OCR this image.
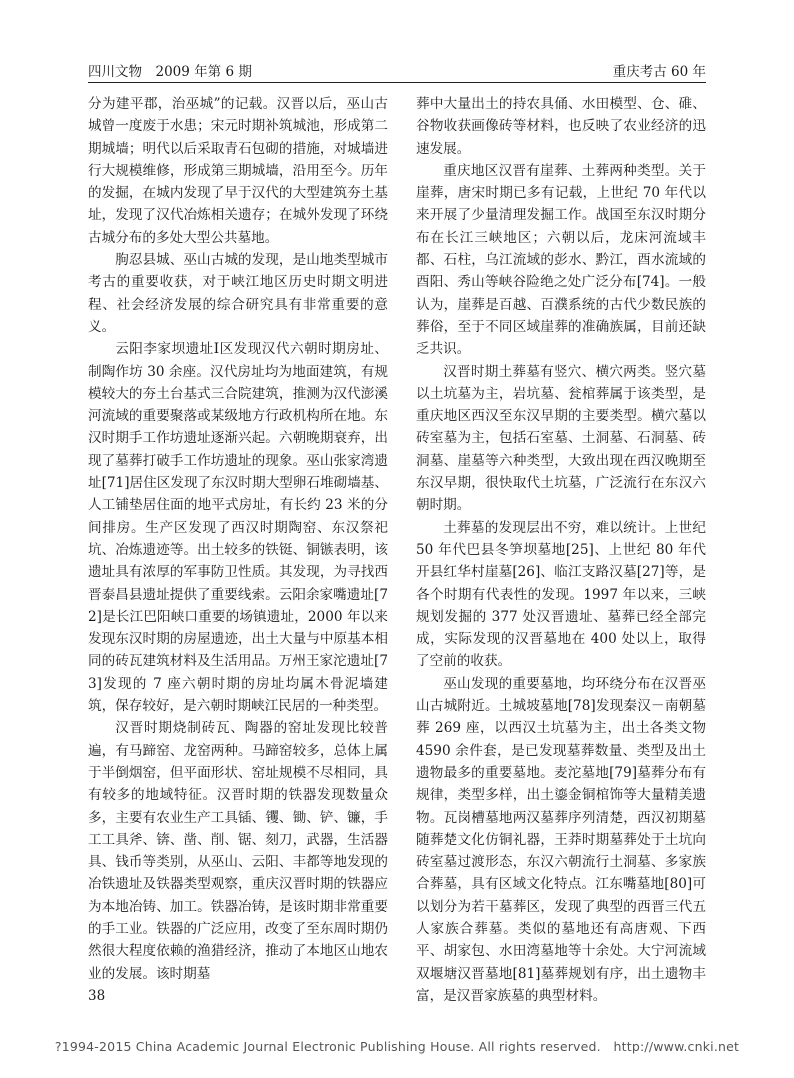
四川文物　2009 年第 6 期	重庆考古 60 年

分为建平郡，治巫城”的记载。汉晋以后，巫山古城曾一度废于水患；宋元时期补筑城池，形成第二期城墙；明代以后采取青石包砌的措施，对城墙进行大规模维修，形成第三期城墙，沿用至今。历年的发掘，在城内发现了早于汉代的大型建筑夯土基址，发现了汉代冶炼相关遗存；在城外发现了环绕古城分布的多处大型公共墓地。

朐忍县城、巫山古城的发现，是山地类型城市考古的重要收获，对于峡江地区历史时期文明进程、社会经济发展的综合研究具有非常重要的意义。

云阳李家坝遗址Ⅰ区发现汉代六朝时期房址、制陶作坊 30 余座。汉代房址均为地面建筑，有规模较大的夯土台基式三合院建筑，推测为汉代澎溪河流域的重要聚落或某级地方行政机构所在地。东汉时期手工作坊遗址逐渐兴起。六朝晚期衰弃，出现了墓葬打破手工作坊遗址的现象。巫山张家湾遗址[71]居住区发现了东汉时期大型卵石堆砌墙基、人工铺垫居住面的地平式房址，有长约 23 米的分间排房。生产区发现了西汉时期陶窑、东汉祭祀坑、冶炼遗迹等。出土较多的铁铤、铜镞表明，该遗址具有浓厚的军事防卫性质。其发现，为寻找西晋泰昌县遗址提供了重要线索。云阳余家嘴遗址[72]是长江巴阳峡口重要的场镇遗址，2000 年以来发现东汉时期的房屋遗迹，出土大量与中原基本相同的砖瓦建筑材料及生活用品。万州王家沱遗址[73]发现的 7 座六朝时期的房址均属木骨泥墙建筑，保存较好，是六朝时期峡江民居的一种类型。

汉晋时期烧制砖瓦、陶器的窑址发现比较普遍，有马蹄窑、龙窑两种。马蹄窑较多，总体上属于半倒烟窑，但平面形状、窑址规模不尽相同，具有较多的地域特征。汉晋时期的铁器发现数量众多，主要有农业生产工具锸、䦆、锄、铲、镰，手工工具斧、锛、凿、削、锯、刻刀，武器，生活器具、钱币等类别，从巫山、云阳、丰都等地发现的冶铁遗址及铁器类型观察，重庆汉晋时期的铁器应为本地冶铸、加工。铁器冶铸，是该时期非常重要的手工业。铁器的广泛应用，改变了至东周时期仍然很大程度依赖的渔猎经济，推动了本地区山地农业的发展。该时期墓

葬中大量出土的持农具俑、水田模型、仓、碓、谷物收获画像砖等材料，也反映了农业经济的迅速发展。

重庆地区汉晋有崖葬、土葬两种类型。关于崖葬，唐宋时期已多有记载，上世纪 70 年代以来开展了少量清理发掘工作。战国至东汉时期分布在长江三峡地区；六朝以后，龙床河流域丰都、石柱，乌江流域的彭水、黔江，酉水流域的酉阳、秀山等峡谷险绝之处广泛分布[74]。一般认为，崖葬是百越、百濮系统的古代少数民族的葬俗，至于不同区域崖葬的准确族属，目前还缺乏共识。

汉晋时期土葬墓有竖穴、横穴两类。竖穴墓以土坑墓为主，岩坑墓、瓮棺葬属于该类型，是重庆地区西汉至东汉早期的主要类型。横穴墓以砖室墓为主，包括石室墓、土洞墓、石洞墓、砖洞墓、崖墓等六种类型，大致出现在西汉晚期至东汉早期，很快取代土坑墓，广泛流行在东汉六朝时期。

土葬墓的发现层出不穷，难以统计。上世纪 50 年代巴县冬笋坝墓地[25]、上世纪 80 年代开县红华村崖墓[26]、临江支路汉墓[27]等，是各个时期有代表性的发现。1997 年以来，三峡规划发掘的 377 处汉晋遗址、墓葬已经全部完成，实际发现的汉晋墓地在 400 处以上，取得了空前的收获。

巫山发现的重要墓地，均环绕分布在汉晋巫山古城附近。土城坡墓地[78]发现秦汉－南朝墓葬 269 座，以西汉土坑墓为主，出土各类文物 4590 余件套，是已发现墓葬数量、类型及出土遗物最多的重要墓地。麦沱墓地[79]墓葬分布有规律，类型多样，出土鎏金铜棺饰等大量精美遗物。瓦岗槽墓地两汉墓葬序列清楚，西汉初期墓随葬楚文化仿铜礼器，王莽时期墓葬处于土坑向砖室墓过渡形态，东汉六朝流行土洞墓、多家族合葬墓，具有区域文化特点。江东嘴墓地[80]可以划分为若干墓葬区，发现了典型的西晋三代五人家族合葬墓。类似的墓地还有高唐观、下西平、胡家包、水田湾墓地等十余处。大宁河流域双堰塘汉晋墓地[81]墓葬规划有序，出土遗物丰富，是汉晋家族墓的典型材料。

38
?1994-2015 China Academic Journal Electronic Publishing House. All rights reserved.　http://www.cnki.net
